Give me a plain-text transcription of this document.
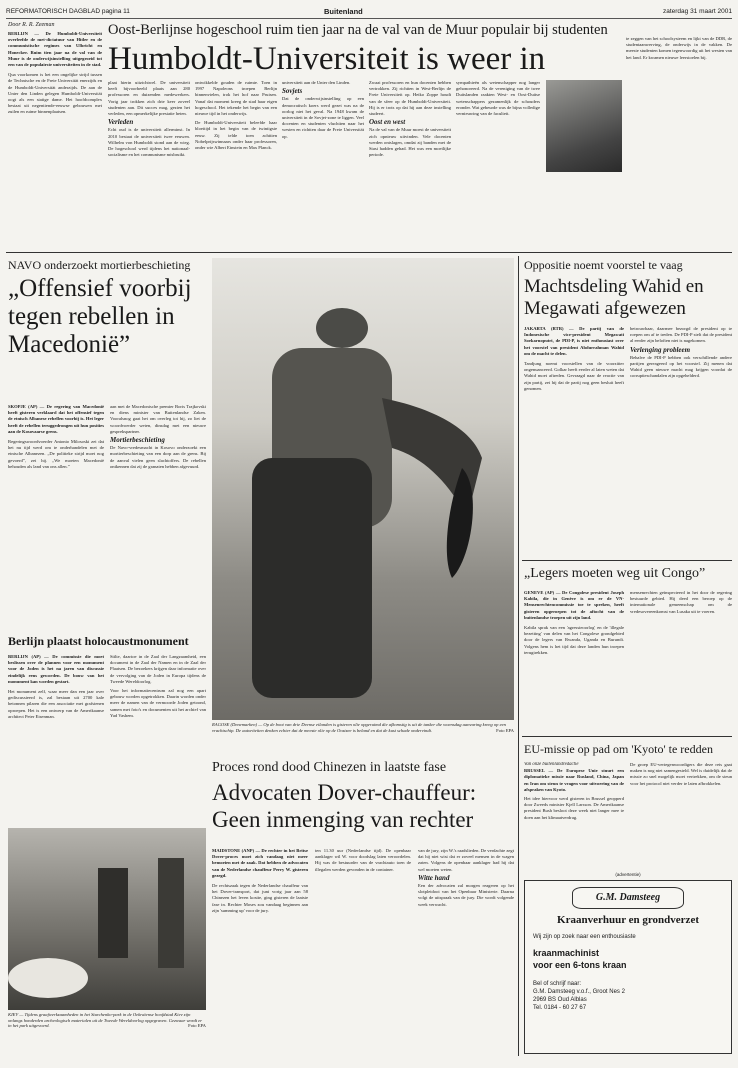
REFORMATORISCH DAGBLAD pagina 11	Buitenland	zaterdag 31 maart 2001
Door R. R. Zeeman
BERLIJN — De Humboldt-Universiteit overleefde de met-dictatuur van Hitler en de communistische regimes van Ulbricht en Honecker. Ruim tien jaar na de val van de Muur is de onderwijsinstelling uitgegroeid tot een van de populairste universiteiten in de stad.
Qua voorkomen is het een ongelijke strijd tussen de Technische en de Freie Universität enerzijds en de Humboldt-Universität anderzijds. De aan de Unter den Linden gelegen Humboldt-Universität oogt als een statige dame. Het hoofdcomplex bestaat uit negentiende-eeuwse gebouwen met zuilen en ruime binnenplaatsen.
Oost-Berlijnse hogeschool ruim tien jaar na de val van de Muur populair bij studenten
Humboldt-Universiteit is weer in
plaat hierin uitzichtwel. De universiteit heeft bijvoorbeeld plaats aan 280 professoren en duizenden medewerkers. Vorig jaar trokken zich drie keer zoveel studenten aan. Dit succes mag, gezien het verleden, een opmerkelijke prestatie heten.
Verleden
Echt oud is de universiteit allerminst. In 2010 bestaat de universiteit twee eeuwen. Wilhelm von Humboldt stond aan de wieg. De hogeschool werd tijdens het nationaal-socialisme en het communisme misbruikt.
ontwikkelde gouden de ruimte. Toen in 1997 Napoleons troepen Berlijn binnenvielen, trok het hof naar Pruisen. Vanaf dat moment kreeg de stad haar eigen hogeschool. Het tekende het begin van een nieuwe tijd in het onderwijs.
De Humboldt-Universiteit beleefde haar bloeitijd in het begin van de twintigste eeuw. Zij telde toen achttien Nobelprijswinnaars onder haar professoren, onder wie Albert Einstein en Max Planck.
universiteit aan de Unter den Linden.
Sovjets
Dat de onderwijsinstelling op een democratisch koers werd gezet was na de oorlog niet het geval. Na 1948 kwam de universiteit in de Sovjet-zone te liggen. Veel docenten en studenten vluchtten naar het westen en richtten daar de Freie Universität op.
Zwaai professoren en hun docenten hebben vertrokken. Zij richtten in West-Berlijn de Freie Universiteit op. Heiko Zoppe houdt van de sfeer op de Humboldt-Universiteit. Hij is er trots op dat hij aan deze instelling studeert.
Oost en west
Na de val van de Muur moest de universiteit zich opnieuw uitvinden. Vele docenten werden ontslagen, omdat zij banden met de Stasi hadden gehad. Het was een moeilijke periode.
sympathieën als wetenschapper nog langer gehonoreerd. Na de vereniging van de twee Duitslanden raakten West- en Oost-Duitse wetenschappers gezamenlijk de schouders eronder. Wat gebeurde was de bijna volledige vernieuwing van de faculteit.
te zeggen van het schoolsysteem en lijkt van de DDR, de studentaanwerving, de onderwijs in de vakken. De meeste studenten komen tegenwoordig uit het westen van het land. Er kwamen nieuwe leerstoelen bij.
NAVO onderzoekt mortierbeschieting
„Offensief voorbij tegen rebellen in Macedonië”
SKOPJE (AP) — De regering van Macedonië heeft gisteren verklaard dat het offensief tegen de etnisch Albanese rebellen voorbij is. Het leger heeft de rebellen teruggedrongen uit hun posities aan de Kosovaarse grens.
Regeringswoordvoerder Antonio Milososki zei dat het nu tijd werd om te onderhandelen met de etnische Albanezen. „De politieke strijd moet nog gevoerd”, zei hij. „We moeten Macedonië behouden als land van ons allen.”
aan met de Macedonische premier Boris Trajkovski en diens minister van Buitenlandse Zaken. Vooralsnog gaat het om overleg tot hij, zo liet de woordvoerder weten, dinsdag met een nieuwe gesprekspartner.
Mortierbeschieting
De Navo-vredesmacht in Kosovo onderzoekt een mortierbeschieting van een dorp aan de grens. Bij de aanval vielen geen slachtoffers. De rebellen ontkennen dat zij de granaten hebben afgevuurd.
RAGOSE (Denemarken) — Op de boot van drie Deense eilanden is gisteren olie opgeruimd die afkomstig is uit de tanker die woensdag aanvaring kreeg op een vrachtschip. De autoriteiten denken echter dat de meeste olie op de Oostzee is beland en dat de kust schade ondervindt.	Foto EPA
Berlijn plaatst holocaustmonument
BERLIJN (AP) — De commissie die moet beslissen over de plannen voor een monument voor de Joden is het na jaren van discussie eindelijk eens geworden. De bouw van het monument kan worden gestart.
Het monument zelf, waar meer dan een jaar over gediscussieerd is, zal bestaan uit 2700 kale betonnen pilaren die een associatie met grafstenen oproepen. Het is een ontwerp van de Amerikaanse architect Peter Eisenman.
Stilte, daartoe in de Zaal der Langzaamheid, een document in de Zaal der Namen en in de Zaal der Plaatsen. De bezoekers krijgen daar informatie over de vervolging van de Joden in Europa tijdens de Tweede Wereldoorlog.
Voor het informatiecentrum zal nog een apart gebouw worden opgetrokken. Daarin worden onder meer de namen van de vermoorde Joden getoond, samen met foto's en documenten uit het archief van Yad Vashem.
KIEV — Tijdens graafwerkzaamheden in het Sturchenko-park in de Oekraïense hoofdstad Kiev zijn onlangs honderden archeologisch materialen uit de Tweede Wereldoorlog opgegraven. Gezwaar wordt er in het park uitgevoerd.	Foto EPA
Proces rond dood Chinezen in laatste fase
Advocaten Dover-chauffeur: Geen inmenging van rechter
MAIDSTONE (ANP) — De rechter in het Britse Dover-proces moet zich vandaag niet meer bemoeien met de zaak. Dat hebben de advocaten van de Nederlandse chauffeur Perry W. gisteren gezegd.
De rechtszaak tegen de Nederlandse chauffeur van het Dover-transport, dat juni vorig jaar aan 58 Chinezen het leven kostte, ging gisteren de laatste fase in. Rechter Moses zou vandaag beginnen aan zijn 'summing up' voor de jury.
ten 11.30 uur (Nederlandse tijd). De openbaar aanklager wil W. voor doodslag laten veroordelen. Hij was de bestuurder van de vrachtauto toen de illegalen werden gevonden in de container.
van de jury, zijn W.'s raadslieden. De verdachte zegt dat hij niet wist dat er zoveel mensen in de wagen zaten. Volgens de openbaar aanklager had hij dat wel moeten weten.
Witte hand
Een der advocaten zal morgen reageren op het slotpleidooi van het Openbaar Ministerie. Daarna volgt de uitspraak van de jury. Die wordt volgende week verwacht.
Oppositie noemt voorstel te vaag
Machtsdeling Wahid en Megawati afgewezen
JAKARTA (RTR) — De partij van de Indonesische vice-president Megawati Soekarnoputri, de PDI-P, is niet enthousiast over het voorstel van president Abdurrahman Wahid om de macht te delen.
Tandjung noemt voorstellen van de voorzitter ongenuanceerd. Golkar heeft eerder al laten weten dat Wahid moet aftreden. Gevraagd naar de reactie van zijn partij, zei hij dat de partij nog geen besluit heeft genomen.
betrouwbaar, daarmee bezorgd de president op te roepen om af te treden. De PDI-P stelt dat de president al eerder zijn beloften niet is nagekomen.
Verlenging probleem
Behalve de PDI-P hebben ook verschillende andere partijen gereageerd op het voorstel. Zij menen dat Wahid geen nieuwe macht mag krijgen voordat de corruptieschandalen zijn opgehelderd.
„Legers moeten weg uit Congo”
GENEVE (AP) — De Congolese president Joseph Kabila, die in Genève is om er de VN-Mensenrechtencommissie toe te spreken, heeft gisteren opgeroepen tot de aftocht van de buitenlandse troepen uit zijn land.
Kabila sprak van een 'agressieoorlog' en de 'illegale bezetting' van delen van het Congolese grondgebied door de legers van Rwanda, Uganda en Burundi. Volgens hem is het tijd dat deze landen hun troepen terugtrekken.
mensenrechten geïnspecteerd in het door de regering bestuurde gebied. Hij deed een beroep op de internationale gemeenschap om de vredesovereenkomst van Lusaka uit te voeren.
EU-missie op pad om 'Kyoto' te redden
Van onze buitenlandredactie
BRUSSEL — De Europese Unie stuurt een diplomatieke missie naar Rusland, China, Japan en Iran om steun te vragen voor uitvoering van de afspraken van Kyoto.
Het idee hiervoor werd gisteren in Brussel geopperd door Zweeds minister Kjell Larsson. De Amerikaanse president Bush besloot deze week niet langer mee te doen aan het klimaatverdrag.
De groep EU-vertegenwoordigers die deze reis gaat maken is nog niet samengesteld. Wel is duidelijk dat de missie zo snel mogelijk moet vertrekken, om de steun voor het protocol niet verder te laten afbrokkelen.
(advertentie)
G.M. Damsteeg
Kraanverhuur en grondverzet
Wij zijn op zoek naar een enthousiaste
kraanmachinist
voor een 6-tons kraan
Bel of schrijf naar:
G.M. Damsteeg v.o.f., Groot Nes 2
2969 BS Oud Alblas
Tel. 0184 - 60 27 67
